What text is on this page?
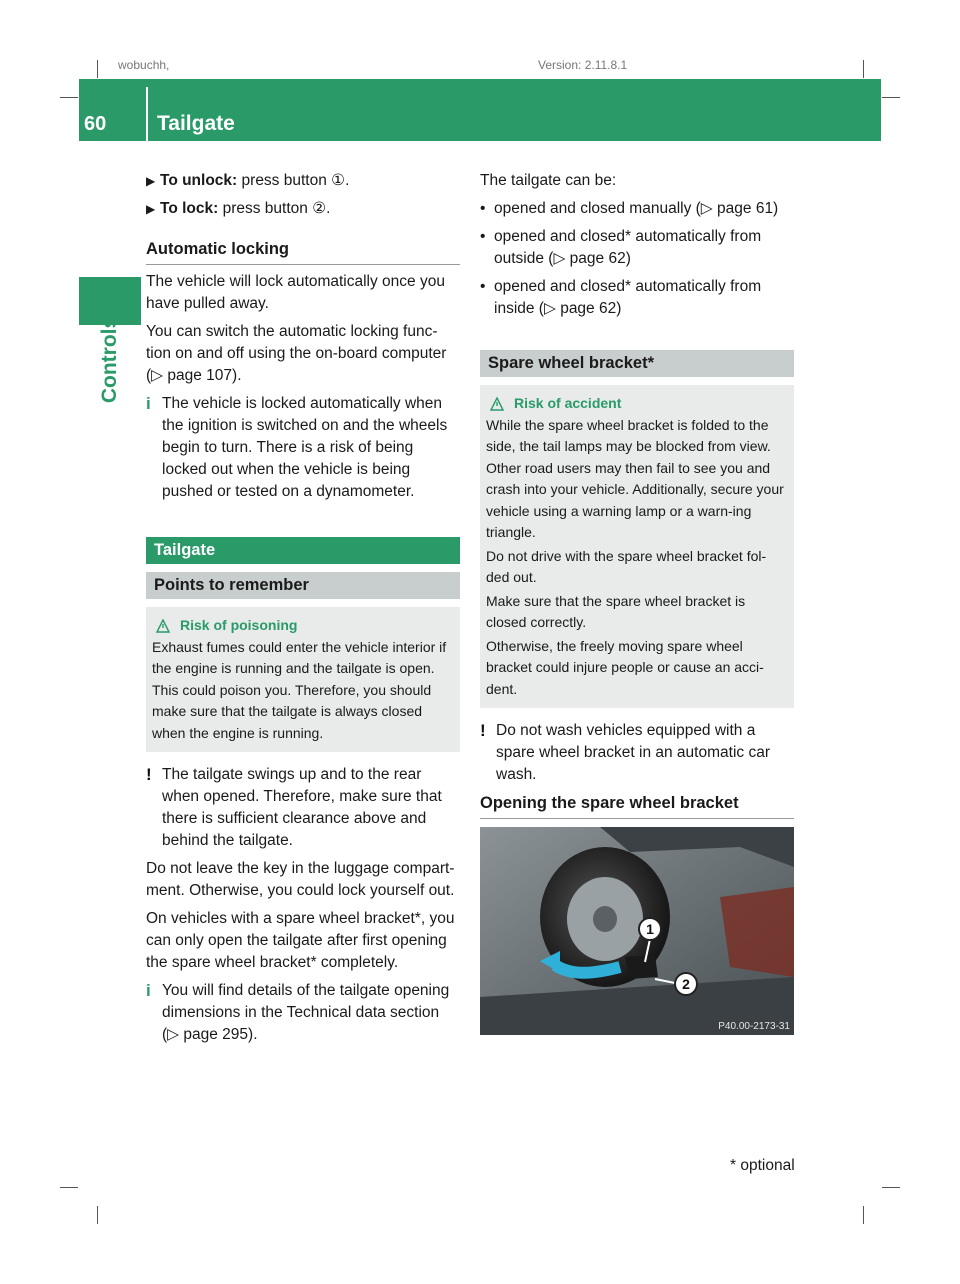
wobuchh,	Version: 2.11.8.1
60 Tailgate
Controls
▶ To unlock: press button ①.
▶ To lock: press button ②.
Automatic locking
The vehicle will lock automatically once you have pulled away.
You can switch the automatic locking func-tion on and off using the on-board computer (▷ page 107).
i The vehicle is locked automatically when the ignition is switched on and the wheels begin to turn. There is a risk of being locked out when the vehicle is being pushed or tested on a dynamometer.
Tailgate
Points to remember
Risk of poisoning
Exhaust fumes could enter the vehicle interior if the engine is running and the tailgate is open. This could poison you. Therefore, you should make sure that the tailgate is always closed when the engine is running.
! The tailgate swings up and to the rear when opened. Therefore, make sure that there is sufficient clearance above and behind the tailgate.
Do not leave the key in the luggage compart-ment. Otherwise, you could lock yourself out.
On vehicles with a spare wheel bracket*, you can only open the tailgate after first opening the spare wheel bracket* completely.
i You will find details of the tailgate opening dimensions in the Technical data section (▷ page 295).
The tailgate can be:
• opened and closed manually (▷ page 61)
• opened and closed* automatically from outside (▷ page 62)
• opened and closed* automatically from inside (▷ page 62)
Spare wheel bracket*
Risk of accident
While the spare wheel bracket is folded to the side, the tail lamps may be blocked from view. Other road users may then fail to see you and crash into your vehicle. Additionally, secure your vehicle using a warning lamp or a warn-ing triangle.
Do not drive with the spare wheel bracket fol-ded out.
Make sure that the spare wheel bracket is closed correctly.
Otherwise, the freely moving spare wheel bracket could injure people or cause an acci-dent.
! Do not wash vehicles equipped with a spare wheel bracket in an automatic car wash.
Opening the spare wheel bracket
1
2
P40.00-2173-31
* optional
